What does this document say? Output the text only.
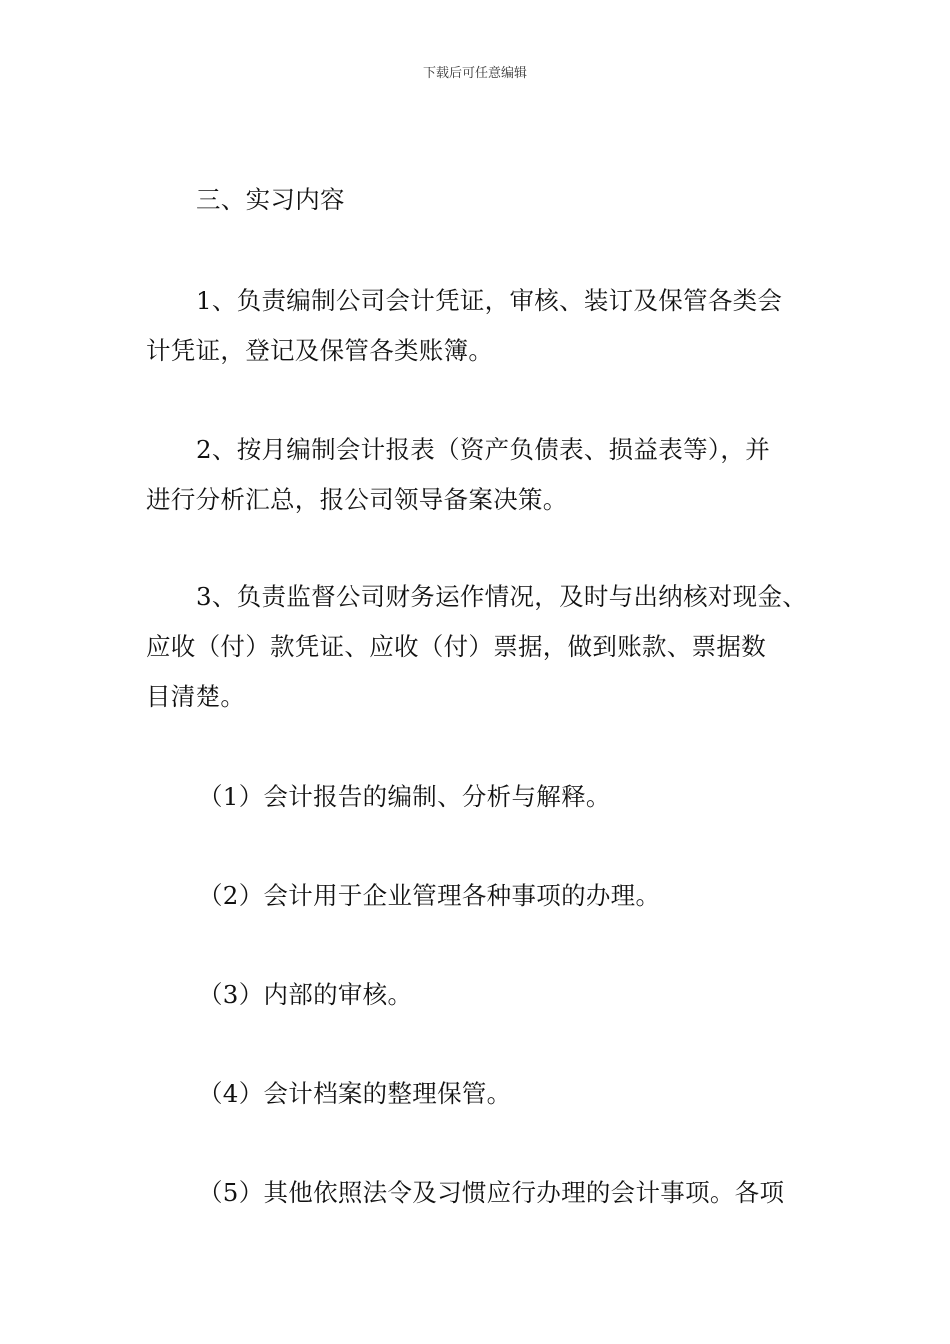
下载后可任意编辑

三、实习内容

1、负责编制公司会计凭证，审核、装订及保管各类会
计凭证，登记及保管各类账簿。

2、按月编制会计报表（资产负债表、损益表等），并
进行分析汇总，报公司领导备案决策。

3、负责监督公司财务运作情况，及时与出纳核对现金、
应收（付）款凭证、应收（付）票据，做到账款、票据数
目清楚。

（1）会计报告的编制、分析与解释。

（2）会计用于企业管理各种事项的办理。

（3）内部的审核。

（4）会计档案的整理保管。

（5）其他依照法令及习惯应行办理的会计事项。各项
